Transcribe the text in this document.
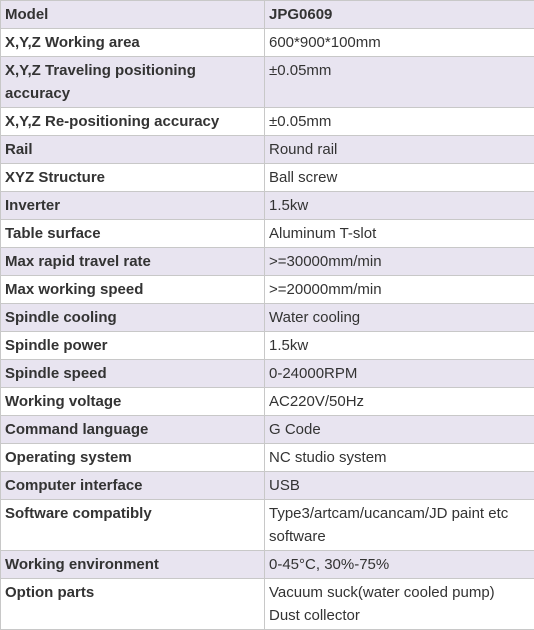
Model	JPG0609

X,Y,Z Working area	600*900*100mm

X,Y,Z Traveling positioning accuracy	±0.05mm

X,Y,Z Re-positioning accuracy	±0.05mm

Rail	Round rail

XYZ Structure	Ball screw

Inverter	1.5kw

Table surface	Aluminum T-slot

Max rapid travel rate	>=30000mm/min

Max working speed	>=20000mm/min

Spindle cooling	Water cooling

Spindle power	1.5kw

Spindle speed	0-24000RPM

Working voltage	AC220V/50Hz

Command language	G Code

Operating system	NC studio system

Computer interface	USB

Software compatibly	Type3/artcam/ucancam/JD paint etc software

Working environment	0-45°C, 30%-75%

Option parts	Vacuum suck(water cooled pump)
Dust collector
